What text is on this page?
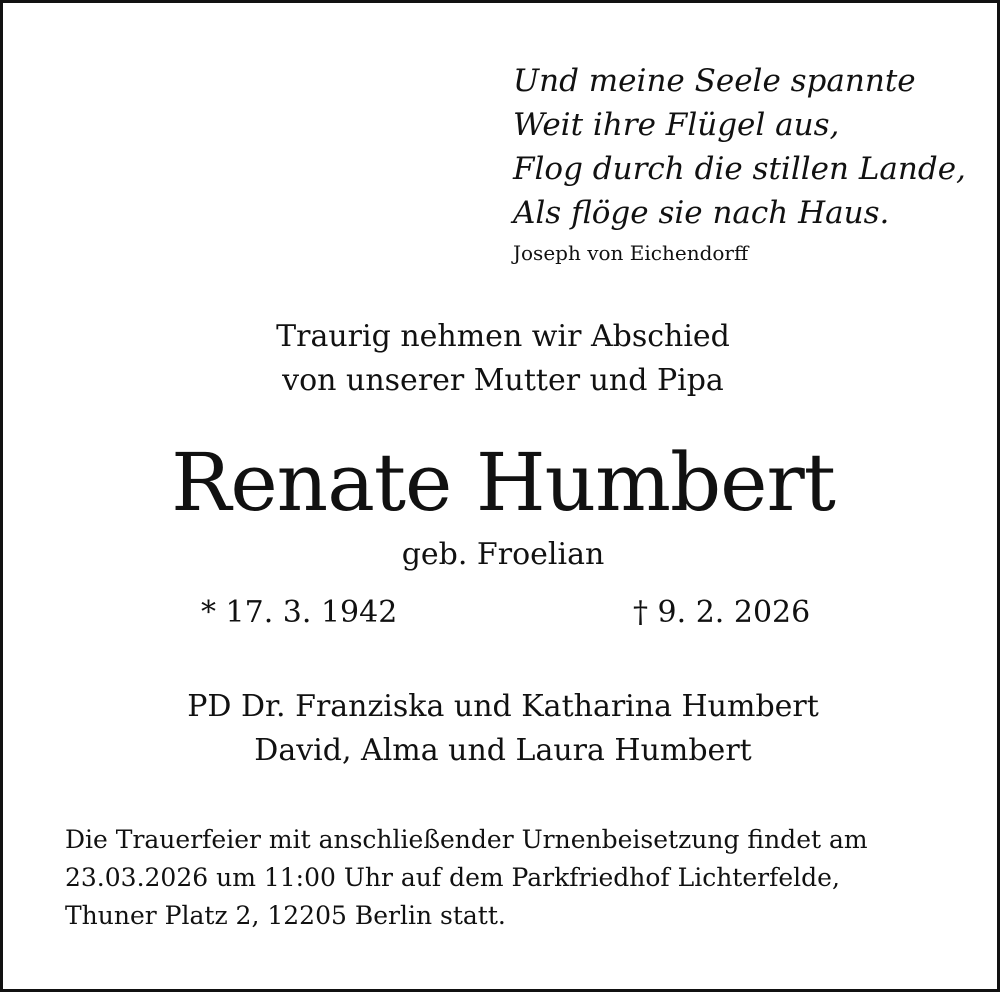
Und meine Seele spannte
Weit ihre Flügel aus,
Flog durch die stillen Lande,
Als flöge sie nach Haus.
Joseph von Eichendorff
Traurig nehmen wir Abschied
von unserer Mutter und Pipa
Renate Humbert
geb. Froelian
* 17. 3. 1942	† 9. 2. 2026
PD Dr. Franziska und Katharina Humbert
David, Alma und Laura Humbert
Die Trauerfeier mit anschließender Urnenbeisetzung findet am
23.03.2026 um 11:00 Uhr auf dem Parkfriedhof Lichterfelde,
Thuner Platz 2, 12205 Berlin statt.
